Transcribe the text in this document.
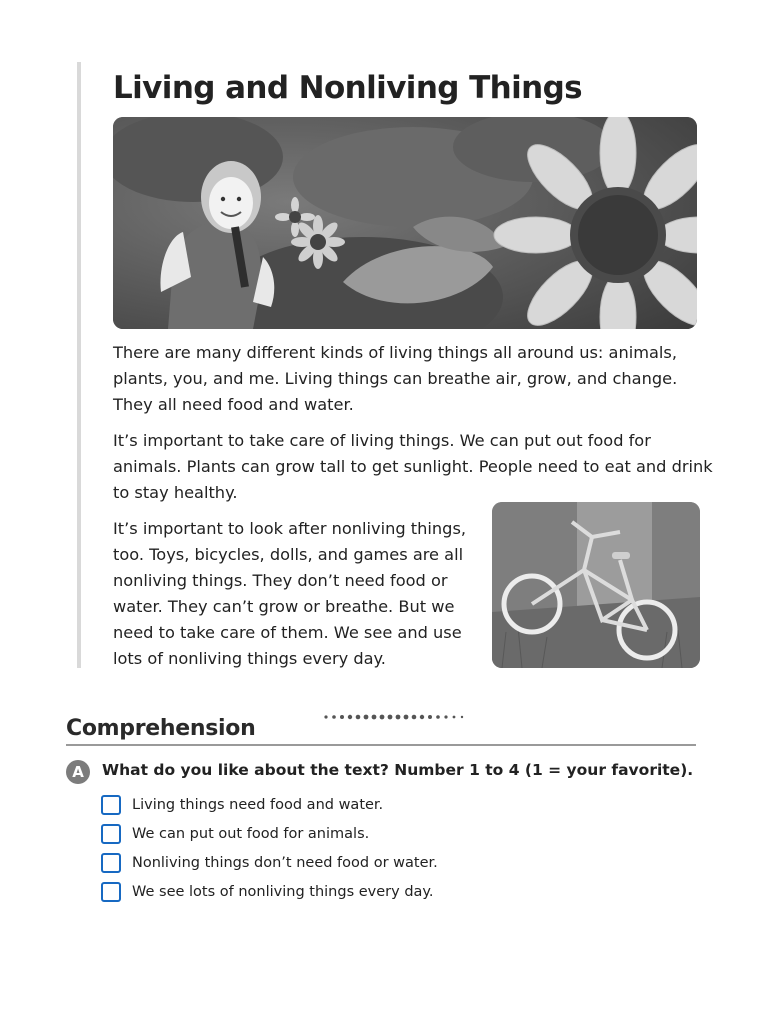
Living and Nonliving Things

There are many different kinds of living things all around us: animals, plants, you, and me. Living things can breathe air, grow, and change. They all need food and water.

It’s important to take care of living things. We can put out food for animals. Plants can grow tall to get sunlight. People need to eat and drink to stay healthy.

It’s important to look after nonliving things, too. Toys, bicycles, dolls, and games are all nonliving things. They don’t need food or water. They can’t grow or breathe. But we need to take care of them. We see and use lots of nonliving things every day.

Comprehension
A	What do you like about the text? Number 1 to 4 (1 = your favorite).
Living things need food and water.
We can put out food for animals.
Nonliving things don’t need food or water.
We see lots of nonliving things every day.
